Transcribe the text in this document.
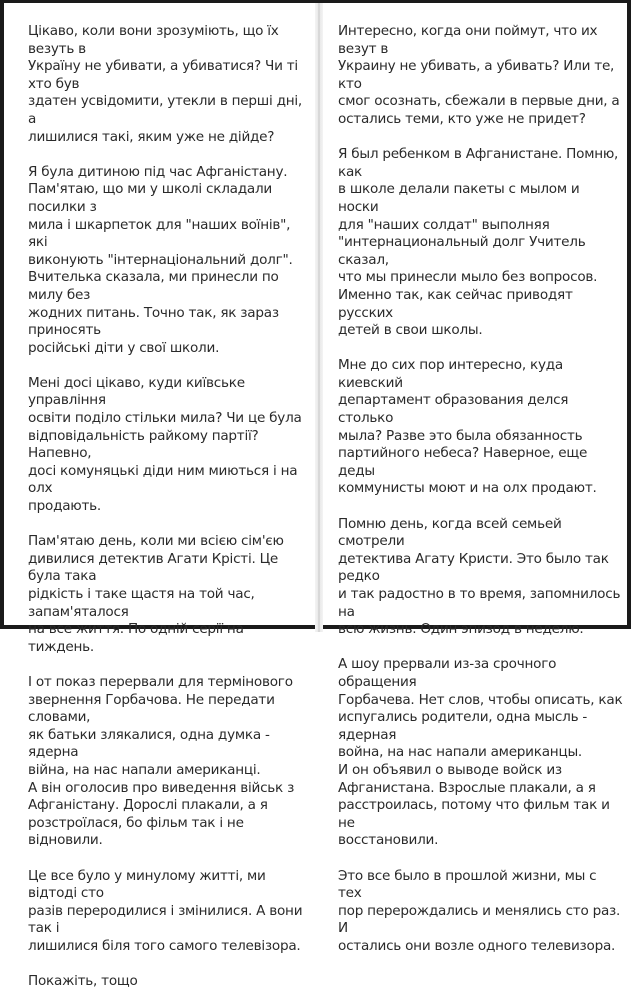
Цікаво, коли вони зрозуміють, що їх везуть в
Україну не убивати, а убиватися? Чи ті хто був
здатен усвідомити, утекли в перші дні, а
лишилися такі, яким уже не дійде?

Я була дитиною під час Афганістану.
Пам'ятаю, що ми у школі складали посилки з
мила і шкарпеток для "наших воїнів", які
виконують "інтернаціональний долг".
Вчителька сказала, ми принесли по милу без
жодних питань. Точно так, як зараз приносять
російські діти у свої школи.

Мені досі цікаво, куди київське управління
освіти поділо стільки мила? Чи це була
відповідальність райкому партії? Напевно,
досі комуняцькі діди ним миються і на олх
продають.

Пам'ятаю день, коли ми всією сім'єю
дивилися детектив Агати Крісті. Це була така
рідкість і таке щастя на той час, запам'яталося
на все життя. По одній серії на тиждень.

І от показ перервали для термінового
звернення Горбачова. Не передати словами,
як батьки злякалися, одна думка - ядерна
війна, на нас напали американці.
А він оголосив про виведення військ з
Афганістану. Дорослі плакали, а я
розстроїлася, бо фільм так і не відновили.

Це все було у минулому житті, ми відтоді сто
разів переродилися і змінилися. А вони так і
лишилися біля того самого телевізора.

Покажіть, тощо

Интересно, когда они поймут, что их везут в
Украину не убивать, а убивать? Или те, кто
смог осознать, сбежали в первые дни, а
остались теми, кто уже не придет?

Я был ребенком в Афганистане. Помню, как
в школе делали пакеты с мылом и носки
для "наших солдат" выполняя
"интернациональный долг Учитель сказал,
что мы принесли мыло без вопросов.
Именно так, как сейчас приводят русских
детей в свои школы.

Мне до сих пор интересно, куда киевский
департамент образования делся столько
мыла? Разве это была обязанность
партийного небеса? Наверное, еще деды
коммунисты моют и на олх продают.

Помню день, когда всей семьей смотрели
детектива Агату Кристи. Это было так редко
и так радостно в то время, запомнилось на
всю жизнь. Один эпизод в неделю.

А шоу прервали из-за срочного обращения
Горбачева. Нет слов, чтобы описать, как
испугались родители, одна мысль - ядерная
война, на нас напали американцы.
И он объявил о выводе войск из
Афганистана. Взрослые плакали, а я
расстроилась, потому что фильм так и не
восстановили.

Это все было в прошлой жизни, мы с тех
пор перерождались и менялись сто раз. И
остались они возле одного телевизора.
